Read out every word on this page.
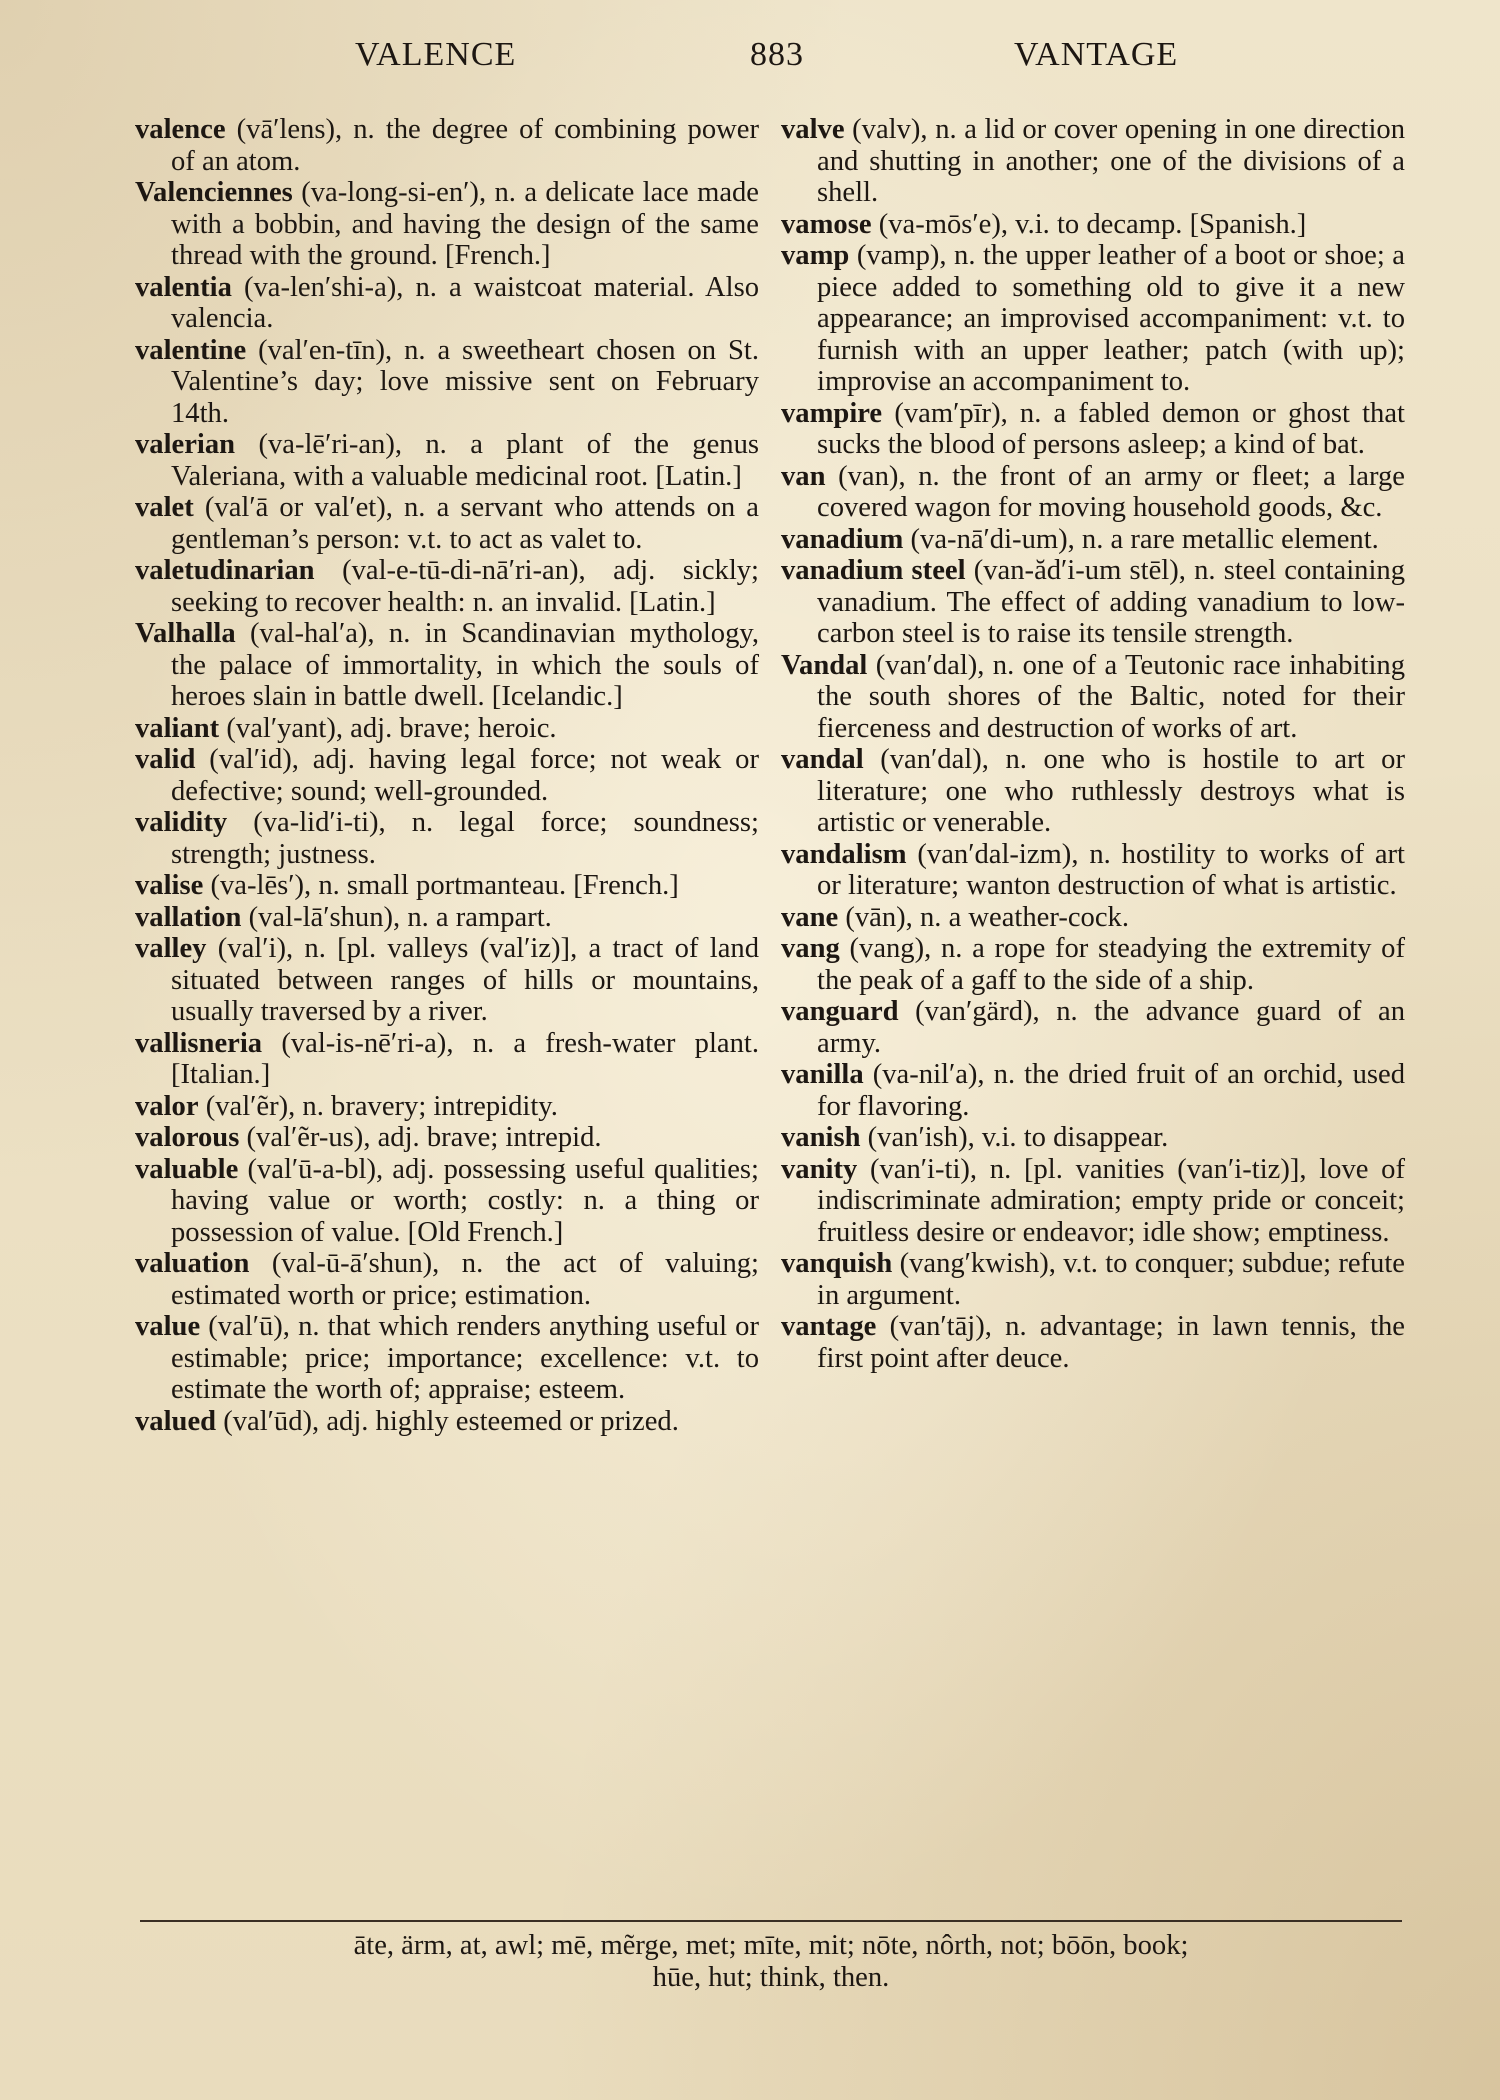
VALENCE	883	VANTAGE

valence (vā′lens), n. the degree of combining power of an atom.

Valenciennes (va-long-si-en′), n. a delicate lace made with a bobbin, and having the design of the same thread with the ground. [French.]

valentia (va-len′shi-a), n. a waistcoat material. Also valencia.

valentine (val′en-tīn), n. a sweetheart chosen on St. Valentine’s day; love missive sent on February 14th.

valerian (va-lē′ri-an), n. a plant of the genus Valeriana, with a valuable medicinal root. [Latin.]

valet (val′ā or val′et), n. a servant who attends on a gentleman’s person: v.t. to act as valet to.

valetudinarian (val-e-tū-di-nā′ri-an), adj. sickly; seeking to recover health: n. an invalid. [Latin.]

Valhalla (val-hal′a), n. in Scandinavian mythology, the palace of immortality, in which the souls of heroes slain in battle dwell. [Icelandic.]

valiant (val′yant), adj. brave; heroic.

valid (val′id), adj. having legal force; not weak or defective; sound; well-grounded.

validity (va-lid′i-ti), n. legal force; soundness; strength; justness.

valise (va-lēs′), n. small portmanteau. [French.]

vallation (val-lā′shun), n. a rampart.

valley (val′i), n. [pl. valleys (val′iz)], a tract of land situated between ranges of hills or mountains, usually traversed by a river.

vallisneria (val-is-nē′ri-a), n. a fresh-water plant. [Italian.]

valor (val′ẽr), n. bravery; intrepidity.

valorous (val′ẽr-us), adj. brave; intrepid.

valuable (val′ū-a-bl), adj. possessing useful qualities; having value or worth; costly: n. a thing or possession of value. [Old French.]

valuation (val-ū-ā′shun), n. the act of valuing; estimated worth or price; estimation.

value (val′ū), n. that which renders anything useful or estimable; price; importance; excellence: v.t. to estimate the worth of; appraise; esteem.

valued (val′ūd), adj. highly esteemed or prized.

valve (valv), n. a lid or cover opening in one direction and shutting in another; one of the divisions of a shell.

vamose (va-mōs′e), v.i. to decamp. [Spanish.]

vamp (vamp), n. the upper leather of a boot or shoe; a piece added to something old to give it a new appearance; an improvised accompaniment: v.t. to furnish with an upper leather; patch (with up); improvise an accompaniment to.

vampire (vam′pīr), n. a fabled demon or ghost that sucks the blood of persons asleep; a kind of bat.

van (van), n. the front of an army or fleet; a large covered wagon for moving household goods, &c.

vanadium (va-nā′di-um), n. a rare metallic element.

vanadium steel (van-ăd′i-um stēl), n. steel containing vanadium. The effect of adding vanadium to low-carbon steel is to raise its tensile strength.

Vandal (van′dal), n. one of a Teutonic race inhabiting the south shores of the Baltic, noted for their fierceness and destruction of works of art.

vandal (van′dal), n. one who is hostile to art or literature; one who ruthlessly destroys what is artistic or venerable.

vandalism (van′dal-izm), n. hostility to works of art or literature; wanton destruction of what is artistic.

vane (vān), n. a weather-cock.

vang (vang), n. a rope for steadying the extremity of the peak of a gaff to the side of a ship.

vanguard (van′gärd), n. the advance guard of an army.

vanilla (va-nil′a), n. the dried fruit of an orchid, used for flavoring.

vanish (van′ish), v.i. to disappear.

vanity (van′i-ti), n. [pl. vanities (van′i-tiz)], love of indiscriminate admiration; empty pride or conceit; fruitless desire or endeavor; idle show; emptiness.

vanquish (vang′kwish), v.t. to conquer; subdue; refute in argument.

vantage (van′tāj), n. advantage; in lawn tennis, the first point after deuce.

āte, ärm, at, awl; mē, mẽrge, met; mīte, mit; nōte, nôrth, not; bōōn, book;
hūe, hut; think, then.
